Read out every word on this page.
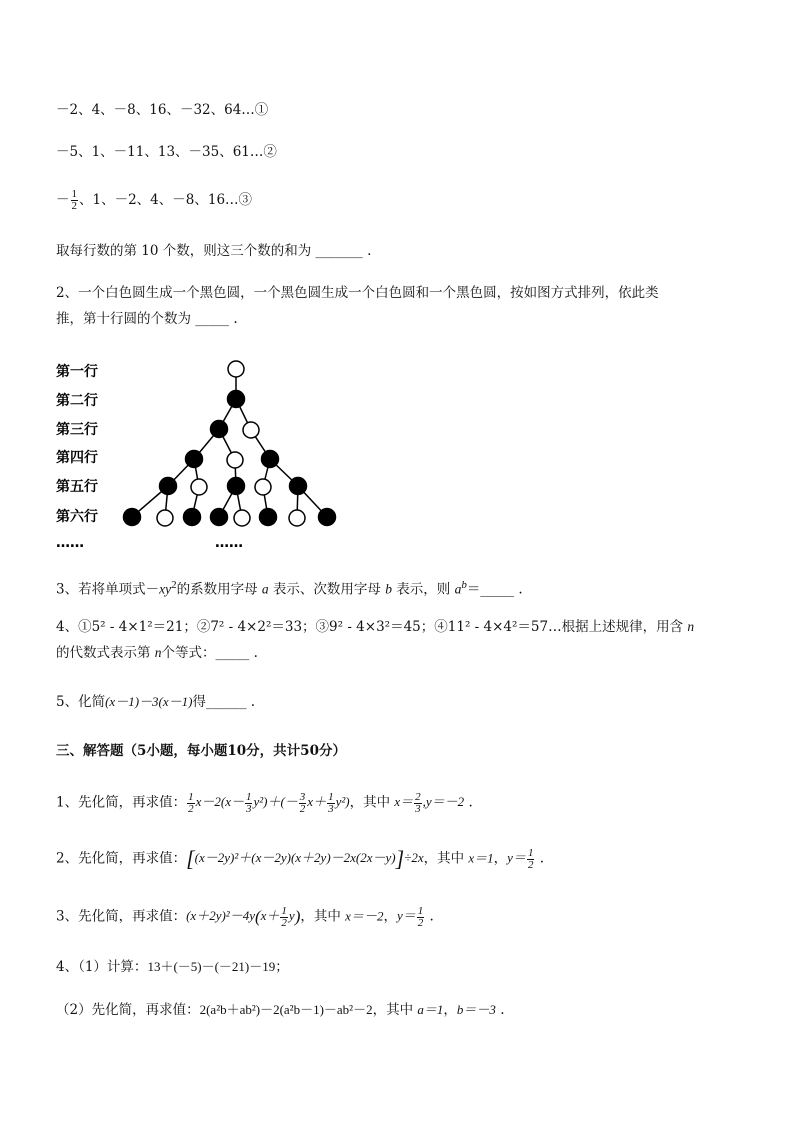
－2、4、－8、16、－32、64…①
－5、1、－11、13、－35、61…②
－ $\frac{1}{2}$ 、1、－2、4、－8、16…③
取每行数的第 10 个数，则这三个数的和为 _______ .
2、一个白色圆生成一个黑色圆，一个黑色圆生成一个白色圆和一个黑色圆，按如图方式排列，依此类
推，第十行圆的个数为 _____ .
第一行
第二行
第三行
第四行
第五行
第六行
……	……
3、若将单项式$-xy^2$的系数用字母 a 表示、次数用字母 b 表示，则 $a^b=\_\_\_\_\_$ .
4、①5² - 4×1²＝21；②7² - 4×2²＝33；③9² - 4×3²＝45；④11² - 4×4²＝57…根据上述规律，用含 n
的代数式表示第 n个等式：_____ .
5、化简(x－1)－3(x－1)得______ .
三、解答题（5小题，每小题10分，共计50分）
1、先化简，再求值： $\frac{1}{2} x-2(x- \frac{1}{3} y^2)+(- \frac{3}{2} x+ \frac{1}{3} y^2)$，其中 $x= \frac{2}{3} ,y=-2$ .
2、先化简，再求值：[(x－2y)²＋(x－2y)(x＋2y)－2x(2x－y)]÷2x，其中 x＝1，$y= \frac{1}{2}$ .
3、先化简，再求值：$(x+2y)^2-4y(x+ \frac{1}{2} y)$，其中 x＝－2，$y= \frac{1}{2}$ .
4、（1）计算：13＋(－5)－(－21)－19；
（2）先化简，再求值：2(a²b＋ab²)－2(a²b－1)－ab²－2，其中 a＝1，b＝－3 .
